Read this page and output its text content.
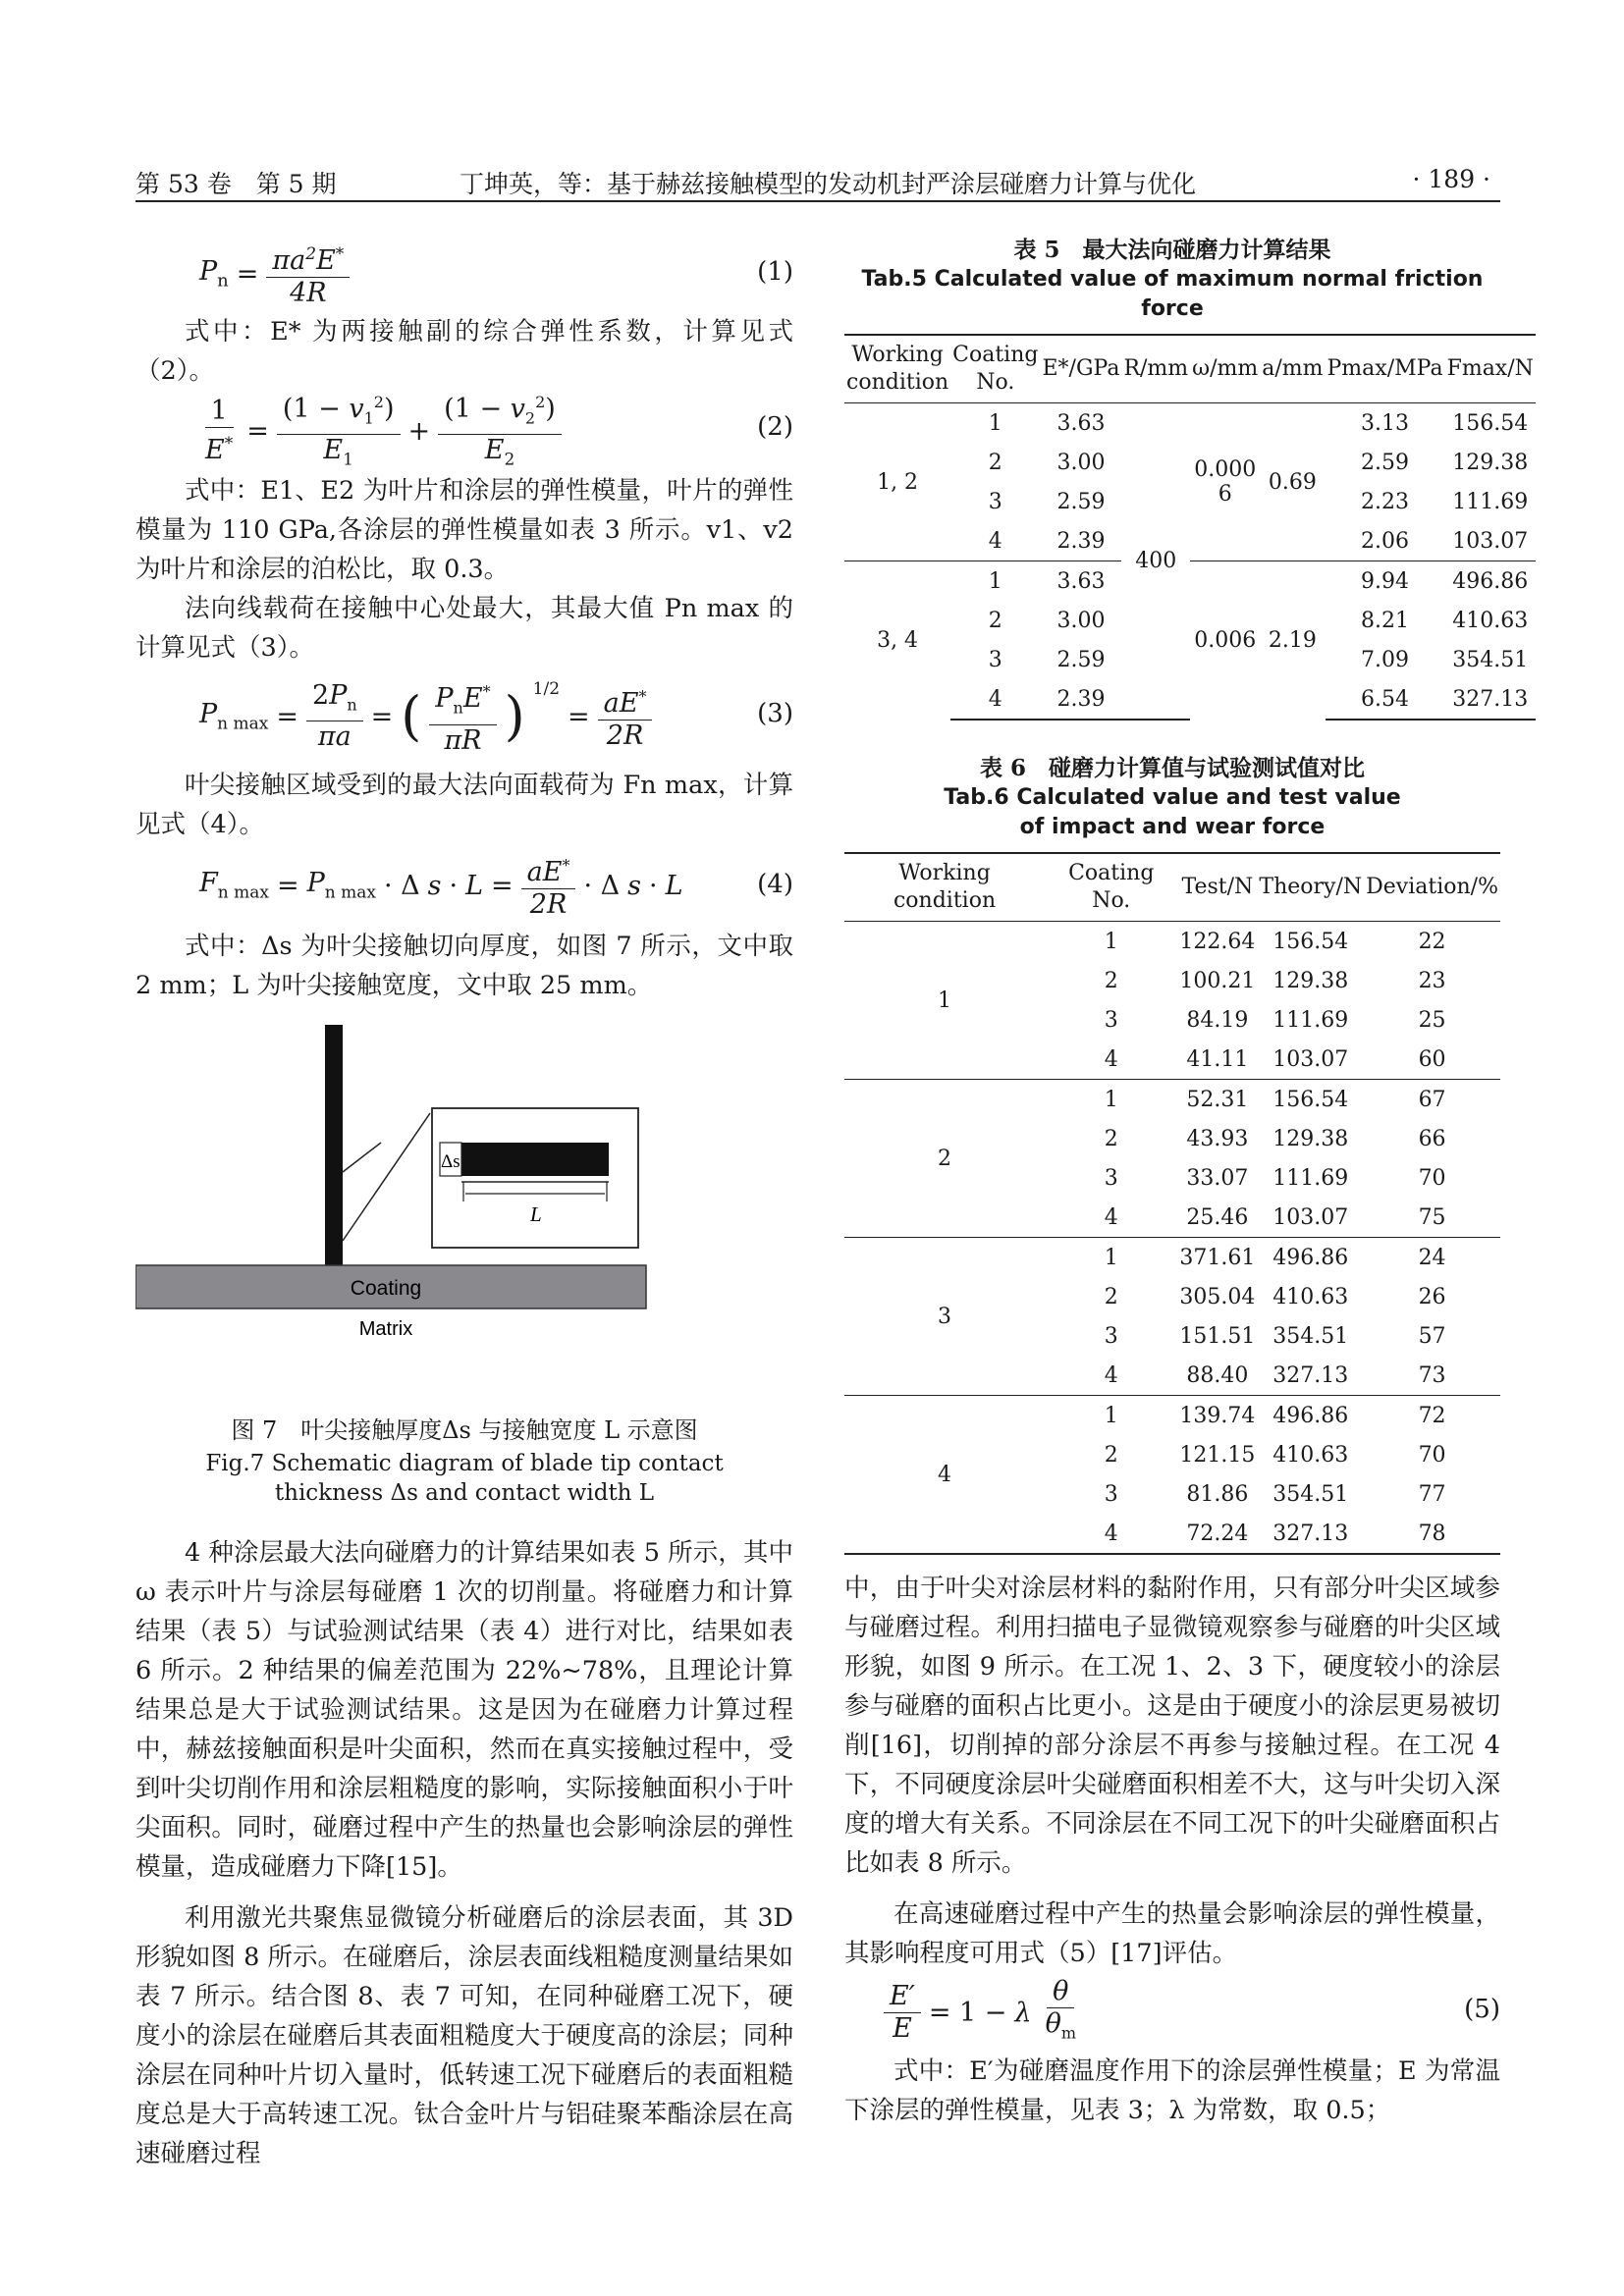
第 53 卷　第 5 期	丁坤英，等：基于赫兹接触模型的发动机封严涂层碰磨力计算与优化	· 189 ·
$P_n = \frac{\pi a^2E^*}{4R}$	(1)

式中：E* 为两接触副的综合弹性系数，计算见式（2）。

$\frac{1}{E^*} = \frac{(1 - v_1^2)}{E_1} + \frac{(1 - v_2^2)}{E_2}$	(2)

式中：E1、E2 为叶片和涂层的弹性模量，叶片的弹性模量为 110 GPa,各涂层的弹性模量如表 3 所示。v1、v2 为叶片和涂层的泊松比，取 0.3。

法向线载荷在接触中心处最大，其最大值 Pn max 的计算见式（3）。

$P_{n max} = \frac{2P_n}{\pi a}$ = ( $\frac{P_nE^*}{\pi R}$ ) $^{1/2}$
= $\frac{aE^*}{2R}$	(3)

叶尖接触区域受到的最大法向面载荷为 Fn max，计算见式（4）。

$F_{n max} = P_{n max} \cdot \Delta$ $s \cdot L = \frac{aE^*}{2R} \cdot \Delta$ s · L	(4)

式中：Δs 为叶尖接触切向厚度，如图 7 所示，文中取 2 mm；L 为叶尖接触宽度，文中取 25 mm。

Δs
L
Coating
Matrix
图 7　叶尖接触厚度Δs 与接触宽度 L 示意图
Fig.7 Schematic diagram of blade tip contact
thickness Δs and contact width L

4 种涂层最大法向碰磨力的计算结果如表 5 所示，其中 ω 表示叶片与涂层每碰磨 1 次的切削量。将碰磨力和计算结果（表 5）与试验测试结果（表 4）进行对比，结果如表 6 所示。2 种结果的偏差范围为 22%~78%，且理论计算结果总是大于试验测试结果。这是因为在碰磨力计算过程中，赫兹接触面积是叶尖面积，然而在真实接触过程中，受到叶尖切削作用和涂层粗糙度的影响，实际接触面积小于叶尖面积。同时，碰磨过程中产生的热量也会影响涂层的弹性模量，造成碰磨力下降[15]。

利用激光共聚焦显微镜分析碰磨后的涂层表面，其 3D 形貌如图 8 所示。在碰磨后，涂层表面线粗糙度测量结果如表 7 所示。结合图 8、表 7 可知，在同种碰磨工况下，硬度小的涂层在碰磨后其表面粗糙度大于硬度高的涂层；同种涂层在同种叶片切入量时，低转速工况下碰磨后的表面粗糙度总是大于高转速工况。钛合金叶片与铝硅聚苯酯涂层在高速碰磨过程

表 5　最大法向碰磨力计算结果
Tab.5 Calculated value of maximum normal friction force
Working condition	Coating No.	E*/GPa	R/mm	ω/mm	a/mm	Pmax/MPa	Fmax/N
1, 2	1	3.63	400	0.000 6	0.69	3.13	156.54
	2	3.00				2.59	129.38
	3	2.59				2.23	111.69
	4	2.39				2.06	103.07
3, 4	1	3.63		0.006	2.19	9.94	496.86
	2	3.00				8.21	410.63
	3	2.59				7.09	354.51
	4	2.39				6.54	327.13
表 6　碰磨力计算值与试验测试值对比
Tab.6 Calculated value and test value
of impact and wear force
Working condition	Coating No.	Test/N	Theory/N	Deviation/%
1	1	122.64	156.54	22
	2	100.21	129.38	23
	3	84.19	111.69	25
	4	41.11	103.07	60
2	1	52.31	156.54	67
	2	43.93	129.38	66
	3	33.07	111.69	70
	4	25.46	103.07	75
3	1	371.61	496.86	24
	2	305.04	410.63	26
	3	151.51	354.51	57
	4	88.40	327.13	73
4	1	139.74	496.86	72
	2	121.15	410.63	70
	3	81.86	354.51	77
	4	72.24	327.13	78

中，由于叶尖对涂层材料的黏附作用，只有部分叶尖区域参与碰磨过程。利用扫描电子显微镜观察参与碰磨的叶尖区域形貌，如图 9 所示。在工况 1、2、3 下，硬度较小的涂层参与碰磨的面积占比更小。这是由于硬度小的涂层更易被切削[16]，切削掉的部分涂层不再参与接触过程。在工况 4 下，不同硬度涂层叶尖碰磨面积相差不大，这与叶尖切入深度的增大有关系。不同涂层在不同工况下的叶尖碰磨面积占比如表 8 所示。

在高速碰磨过程中产生的热量会影响涂层的弹性模量，其影响程度可用式（5）[17]评估。

$\frac{E'}{E} = 1 - \lambda \frac{\theta}{\theta_m}$	(5)

式中：E′为碰磨温度作用下的涂层弹性模量；E 为常温下涂层的弹性模量，见表 3；λ 为常数，取 0.5；
